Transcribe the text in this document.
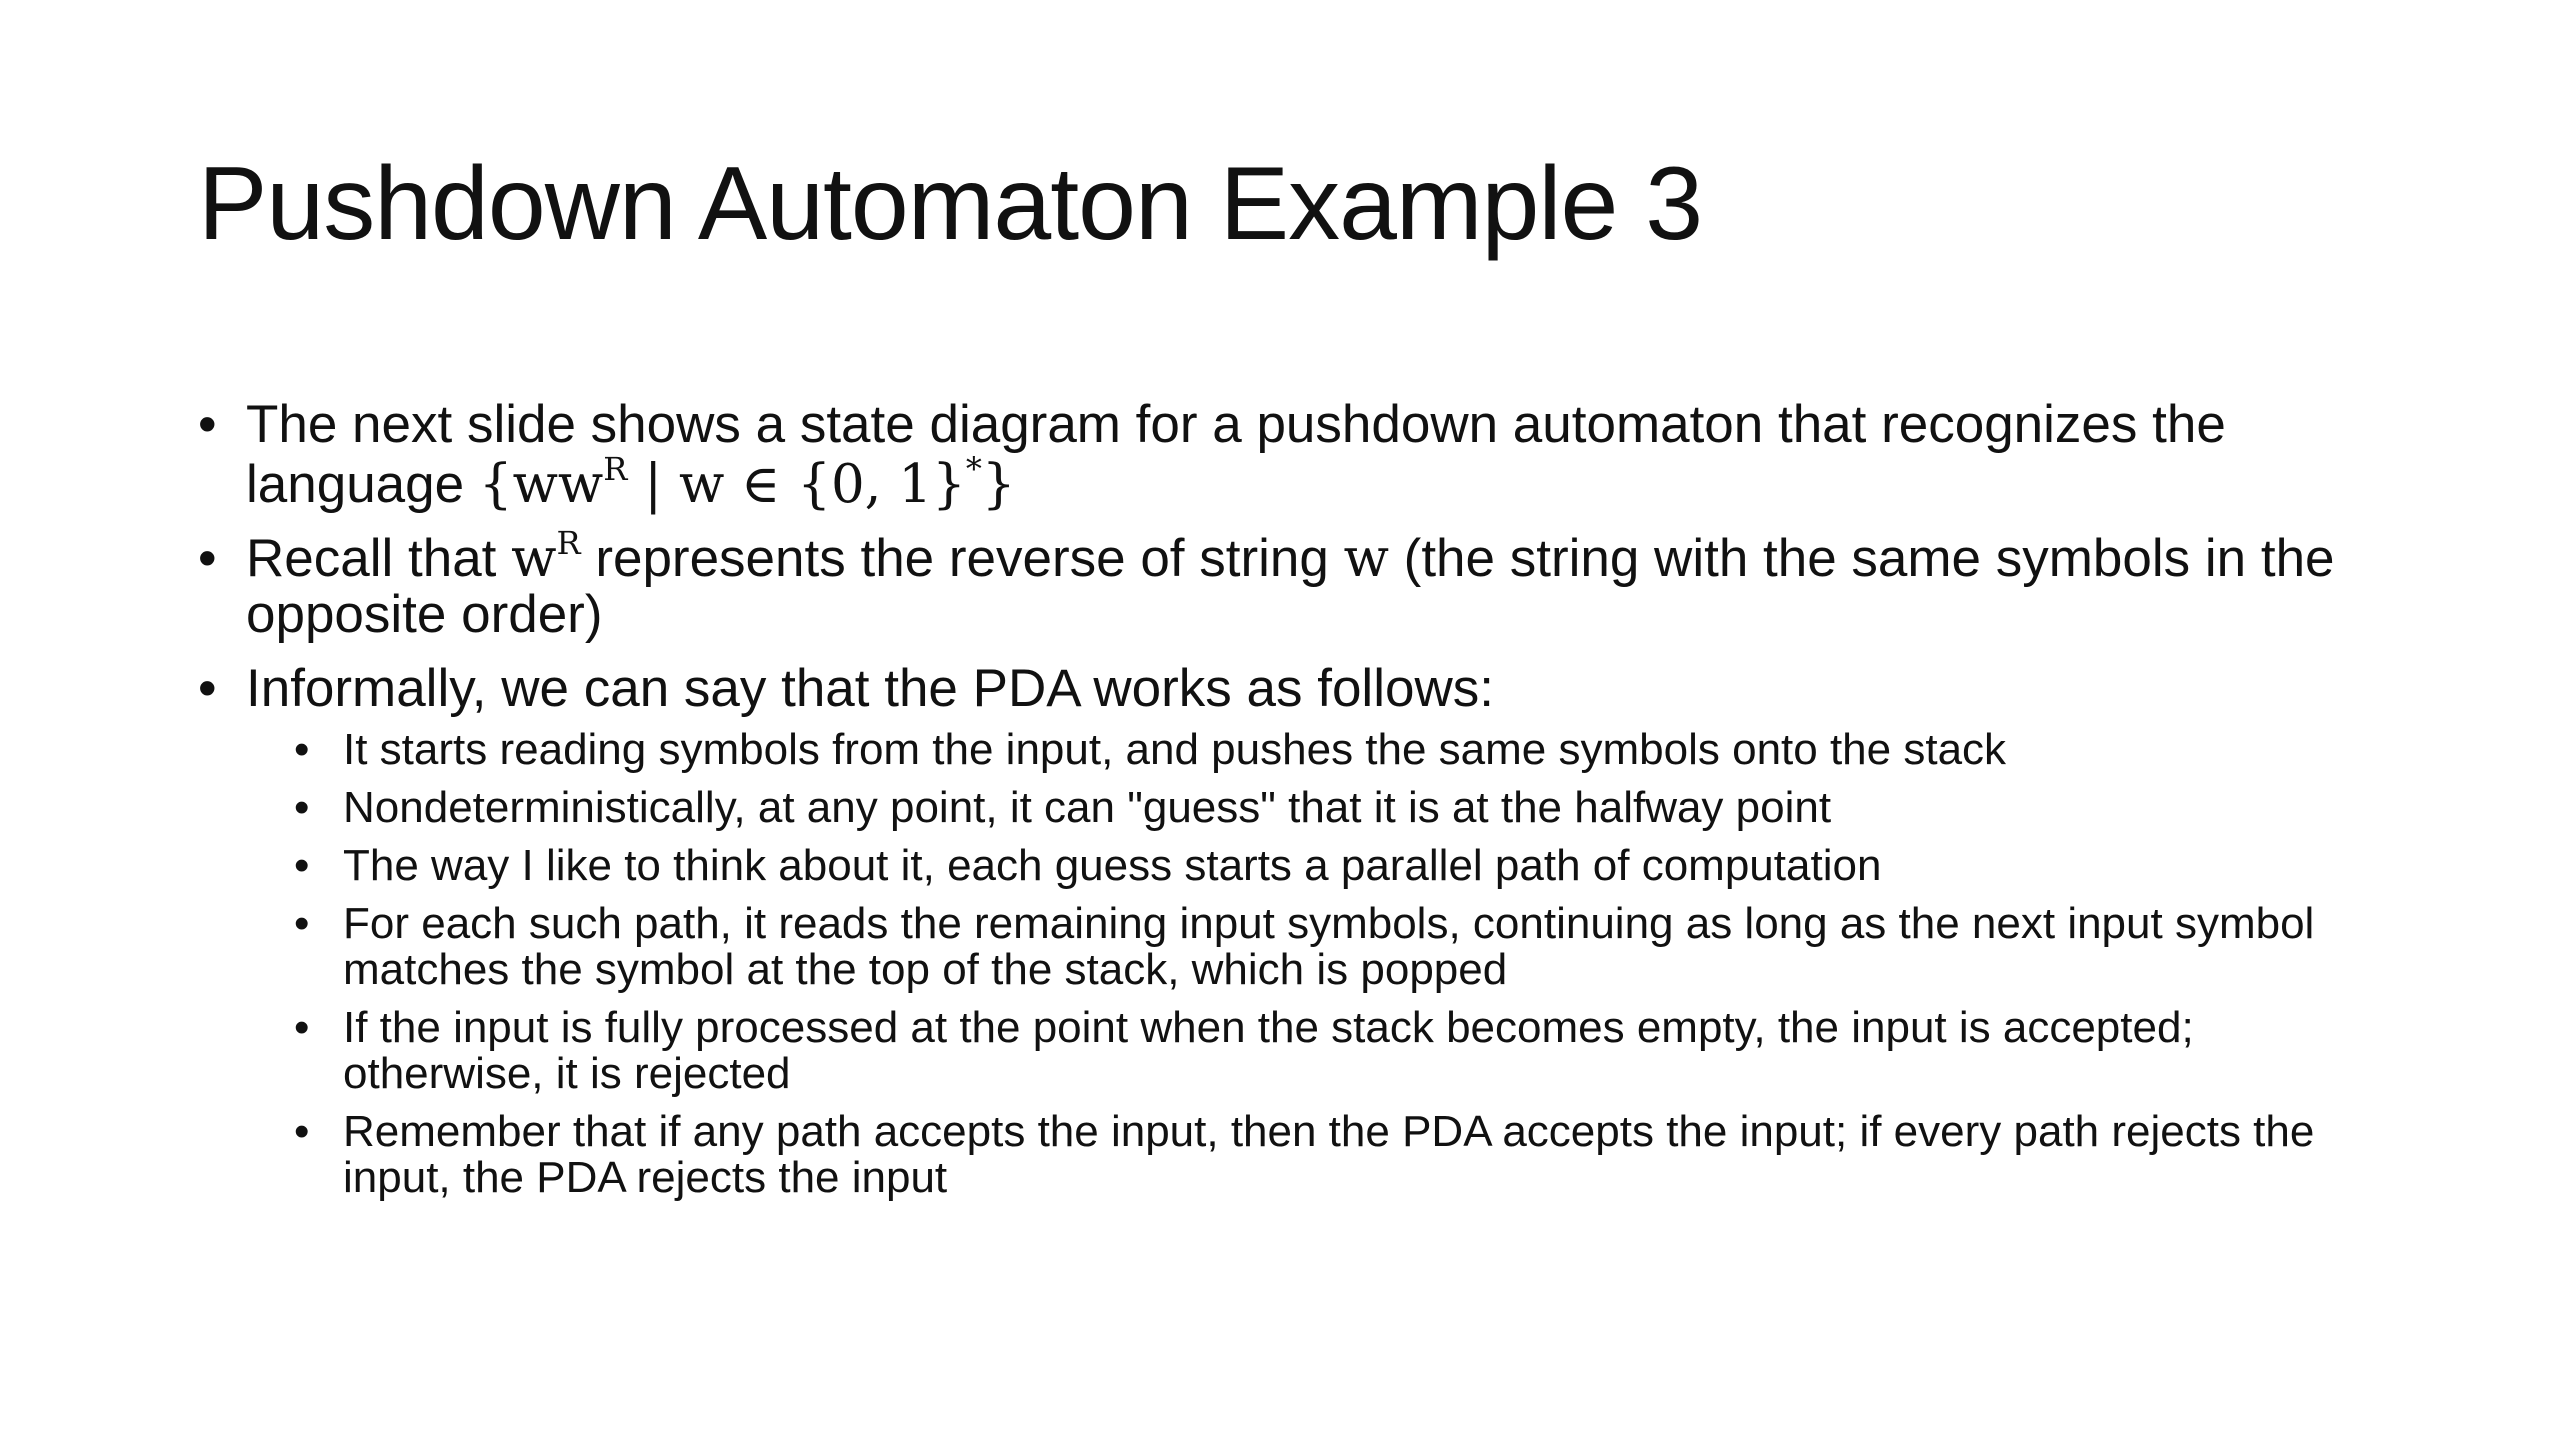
Pushdown Automaton Example 3
• The next slide shows a state diagram for a pushdown automaton that recognizes the language {$ww^R$ | w ∈ {0, 1}*}
• Recall that $w^R$ represents the reverse of string w (the string with the same symbols in the opposite order)
• Informally, we can say that the PDA works as follows:
• It starts reading symbols from the input, and pushes the same symbols onto the stack
• Nondeterministically, at any point, it can "guess" that it is at the halfway point
• The way I like to think about it, each guess starts a parallel path of computation
• For each such path, it reads the remaining input symbols, continuing as long as the next input symbol matches the symbol at the top of the stack, which is popped
• If the input is fully processed at the point when the stack becomes empty, the input is accepted; otherwise, it is rejected
• Remember that if any path accepts the input, then the PDA accepts the input; if every path rejects the input, the PDA rejects the input
